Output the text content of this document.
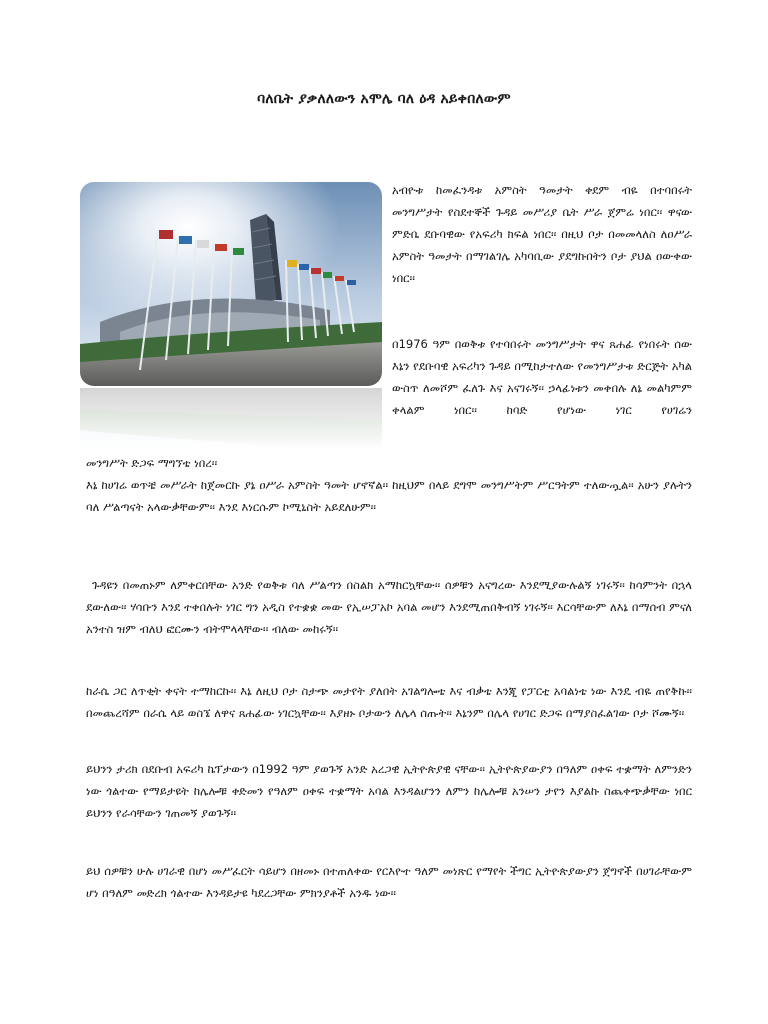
ባለቤት ያቃለለውን አሞሌ ባለ ዕዳ አይቀበለውም

አብዮቱ ከመፈንዳቱ አምስት ዓመታት ቀደም ብዬ በተባበሩት መንግሥታት የስደተኞች ጉዳይ መሥሪያ ቤት ሥራ ጀምሬ ነበር፡፡ ዋናው ምድቤ ደቡባዊው የአፍሪካ ክፍል ነበር፡፡ በዚህ ቦታ በመመላለስ ለዐሥራ አምስት ዓመታት በማገልገሌ አካባቢው ያደግኩበትን ቦታ ያህል ዐውቀው ነበር፡፡

በ1976 ዓም በወቅቱ የተባበሩት መንግሥታት ዋና ጸሐፊ የነበሩት ሰው እኔን የደቡባዊ አፍሪካን ጉዳይ በሚከታተለው የመንግሥታቱ ድርጅት አካል ውስጥ ለመሾም ፈለጉ እና አናገሩኝ፡፡ ኃላፊነቱን መቀበሉ ለኔ መልካምም ቀላልም ነበር፡፡ ከባድ የሆነው ነገር የሀገሬን

መንግሥት ድጋፍ ማግኘቴ ነበረ፡፡

እኔ ከሀገሬ ወጥቼ መሥራት ከጀመርኩ ያኔ ዐሥራ አምስት ዓመት ሆኖኛል፡፡ ከዚህም በላይ ደግሞ መንግሥትም ሥርዓትም ተለውጧል፡፡ አሁን ያሉትን ባለ ሥልጣናት አላውቃቸውም፡፡ እንደ እነርሱም ኮሚኒስት አይደለሁም፡፡

ጉዳዩን በመጠኑም ለምቀርበቸው አንድ የወቅቱ ባለ ሥልጣን በስልክ አማከርኳቸው፡፡ ሰዎቹን አናግረው እንደሚያውሉልኝ ነገሩኝ፡፡ ከሳምንት በኋላ ደውለው፡፡ ሃሳቡን እንደ ተቀበሉት ነገር ግን አዲስ የተቋቋ መው የኢሠፓአኮ አባል መሆን እንደሚጠበቅብኝ ነገሩኝ፡፡ እርሳቸውም ለእኔ በማሰብ ምናለ አንተስ ዝም ብለህ ፎርሙን ብትሞላላቸው፡፡ ብለው መከሩኝ፡፡

ከራሴ ጋር ለጥቂት ቀናት ተማከርኩ፡፡ እኔ ለዚህ ቦታ ስታጭ መታየት ያለበት አገልግሎቴ እና ብቃቴ እንጂ የፓርቲ አባልነቴ ነው እንዴ ብዬ ጠየቅኩ፡፡ በመጨረሻም በራሴ ላይ ወስኜ ለዋና ጸሐፊው ነገርኳቸው፡፡ እያዘኑ ቦታውን ለሌላ ሰጡት፡፡ እኔንም በሌላ የሀገር ድጋፍ በማያስፈልገው ቦታ ሾሙኝ፡፡

ይህንን ታሪክ በደቡብ አፍሪካ ኬፕታውን በ1992 ዓም ያወጉኝ አንድ አረጋዊ ኢትዮጵያዊ ናቸው፡፡ ኢትዮጵያውያን በዓለም ዐቀፍ ተቋማት ለምንድን ነው ጎልተው የማይታዩት ከሌሎቹ ቀድመን የዓለም ዐቀፍ ተቋማት አባል እንዳልሆንን ለምን ከሌሎቹ አንሠን ታየን እያልኩ ስጨቀጭቃቸው ነበር ይህንን የራሳቸውን ገጠመኝ ያወጉኝ፡፡

ይህ ሰዎቹን ሁሉ ሀገራዊ በሆነ መሥፈርት ሳይሆን በዘመኑ በተጠለቀው የርእዮተ ዓለም መነጽር የማየት ችግር ኢትዮጵያውያን ጀግኖች በሀገራቸውም ሆነ በዓለም መድረክ ጎልተው እንዳይታዩ ካደረጋቸው ምክንያቶች አንዱ ነው፡፡
